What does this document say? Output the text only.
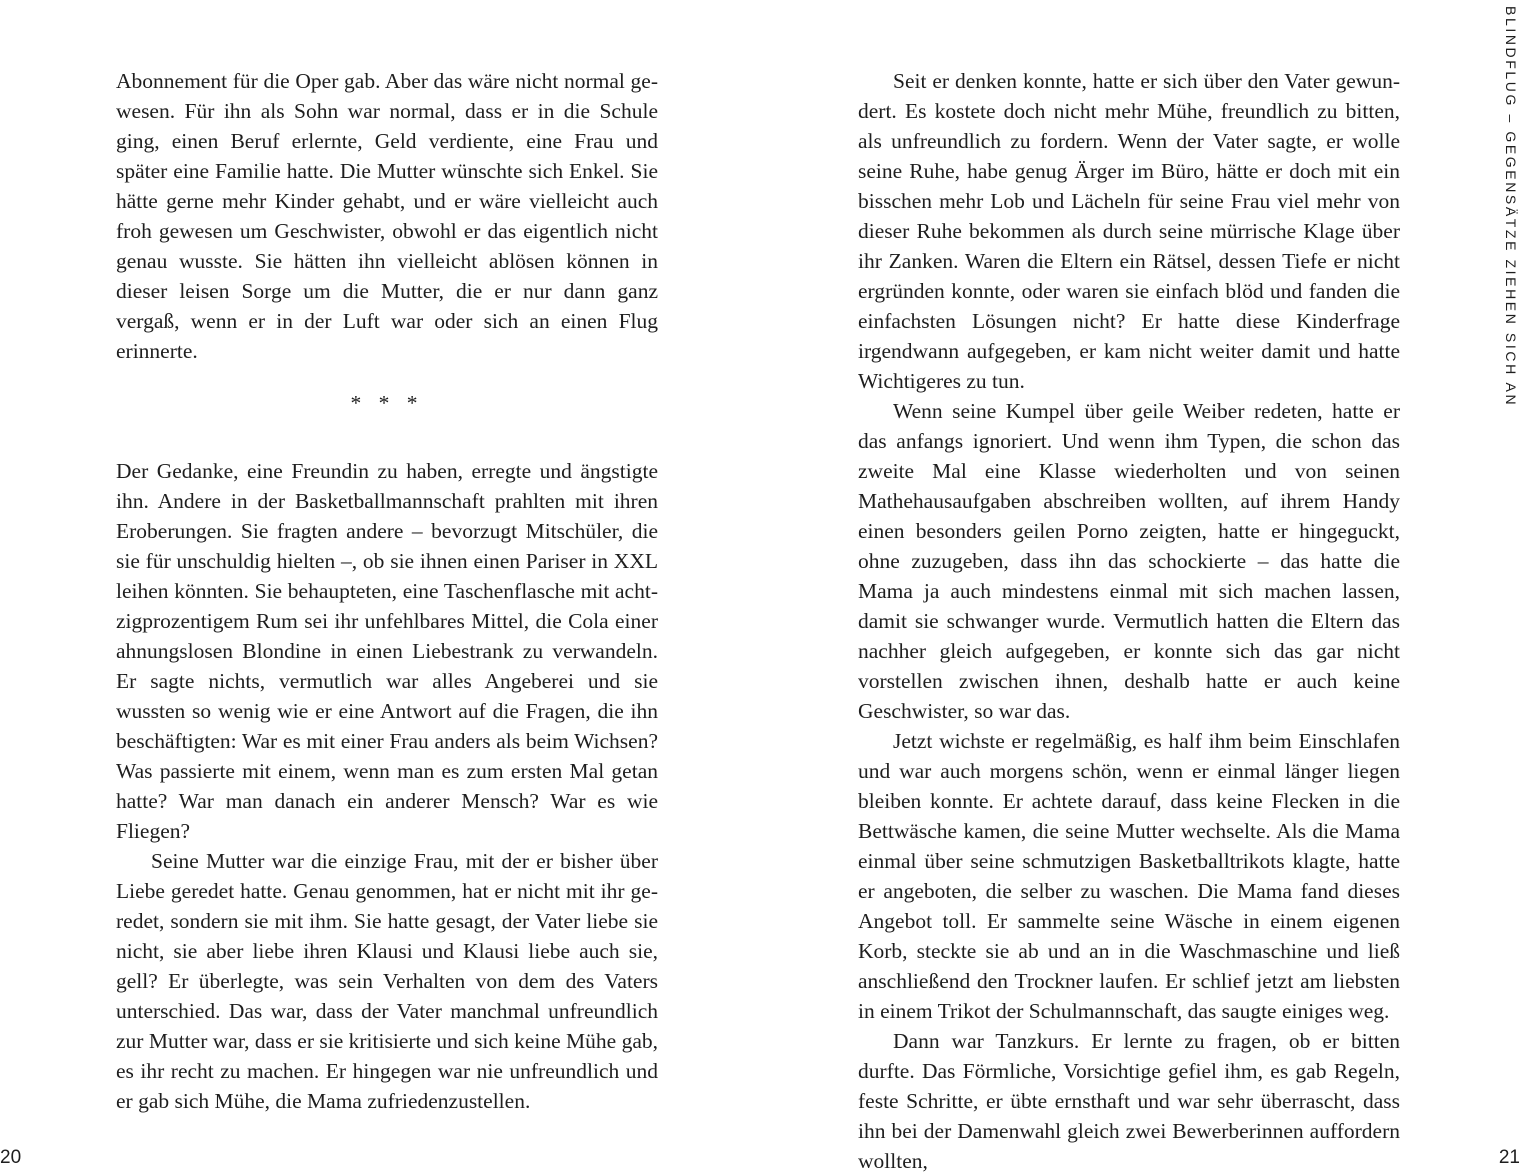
Abonnement für die Oper gab. Aber das wäre nicht normal gewesen. Für ihn als Sohn war normal, dass er in die Schule ging, einen Beruf erlernte, Geld verdiente, eine Frau und später eine Familie hatte. Die Mutter wünschte sich Enkel. Sie hätte gerne mehr Kinder gehabt, und er wäre vielleicht auch froh gewesen um Geschwister, obwohl er das eigentlich nicht genau wusste. Sie hätten ihn vielleicht ablösen können in dieser leisen Sorge um die Mutter, die er nur dann ganz vergaß, wenn er in der Luft war oder sich an einen Flug erinnerte.

* * *

Der Gedanke, eine Freundin zu haben, erregte und ängstigte ihn. Andere in der Basketballmannschaft prahlten mit ihren Eroberungen. Sie fragten andere – bevorzugt Mitschüler, die sie für unschuldig hielten –, ob sie ihnen einen Pariser in XXL leihen könnten. Sie behaupteten, eine Taschenflasche mit achtzigprozentigem Rum sei ihr unfehlbares Mittel, die Cola einer ahnungslosen Blondine in einen Liebestrank zu verwandeln. Er sagte nichts, vermutlich war alles Angeberei und sie wussten so wenig wie er eine Antwort auf die Fragen, die ihn beschäftigten: War es mit einer Frau anders als beim Wichsen? Was passierte mit einem, wenn man es zum ersten Mal getan hatte? War man danach ein anderer Mensch? War es wie Fliegen?

Seine Mutter war die einzige Frau, mit der er bisher über Liebe geredet hatte. Genau genommen, hat er nicht mit ihr geredet, sondern sie mit ihm. Sie hatte gesagt, der Vater liebe sie nicht, sie aber liebe ihren Klausi und Klausi liebe auch sie, gell? Er überlegte, was sein Verhalten von dem des Vaters unterschied. Das war, dass der Vater manchmal unfreundlich zur Mutter war, dass er sie kritisierte und sich keine Mühe gab, es ihr recht zu machen. Er hingegen war nie unfreundlich und er gab sich Mühe, die Mama zufriedenzustellen.

20

Seit er denken konnte, hatte er sich über den Vater gewundert. Es kostete doch nicht mehr Mühe, freundlich zu bitten, als unfreundlich zu fordern. Wenn der Vater sagte, er wolle seine Ruhe, habe genug Ärger im Büro, hätte er doch mit ein bisschen mehr Lob und Lächeln für seine Frau viel mehr von dieser Ruhe bekommen als durch seine mürrische Klage über ihr Zanken. Waren die Eltern ein Rätsel, dessen Tiefe er nicht ergründen konnte, oder waren sie einfach blöd und fanden die einfachsten Lösungen nicht? Er hatte diese Kinderfrage irgendwann aufgegeben, er kam nicht weiter damit und hatte Wichtigeres zu tun.

Wenn seine Kumpel über geile Weiber redeten, hatte er das anfangs ignoriert. Und wenn ihm Typen, die schon das zweite Mal eine Klasse wiederholten und von seinen Mathehausaufgaben abschreiben wollten, auf ihrem Handy einen besonders geilen Porno zeigten, hatte er hingeguckt, ohne zuzugeben, dass ihn das schockierte – das hatte die Mama ja auch mindestens einmal mit sich machen lassen, damit sie schwanger wurde. Vermutlich hatten die Eltern das nachher gleich aufgegeben, er konnte sich das gar nicht vorstellen zwischen ihnen, deshalb hatte er auch keine Geschwister, so war das.

Jetzt wichste er regelmäßig, es half ihm beim Einschlafen und war auch morgens schön, wenn er einmal länger liegen bleiben konnte. Er achtete darauf, dass keine Flecken in die Bettwäsche kamen, die seine Mutter wechselte. Als die Mama einmal über seine schmutzigen Basketballtrikots klagte, hatte er angeboten, die selber zu waschen. Die Mama fand dieses Angebot toll. Er sammelte seine Wäsche in einem eigenen Korb, steckte sie ab und an in die Waschmaschine und ließ anschließend den Trockner laufen. Er schlief jetzt am liebsten in einem Trikot der Schulmannschaft, das saugte einiges weg.

Dann war Tanzkurs. Er lernte zu fragen, ob er bitten durfte. Das Förmliche, Vorsichtige gefiel ihm, es gab Regeln, feste Schritte, er übte ernsthaft und war sehr überrascht, dass ihn bei der Damenwahl gleich zwei Bewerberinnen auffordern wollten,	21
BLINDFLUG – GEGENSÄTZE ZIEHEN SICH AN
